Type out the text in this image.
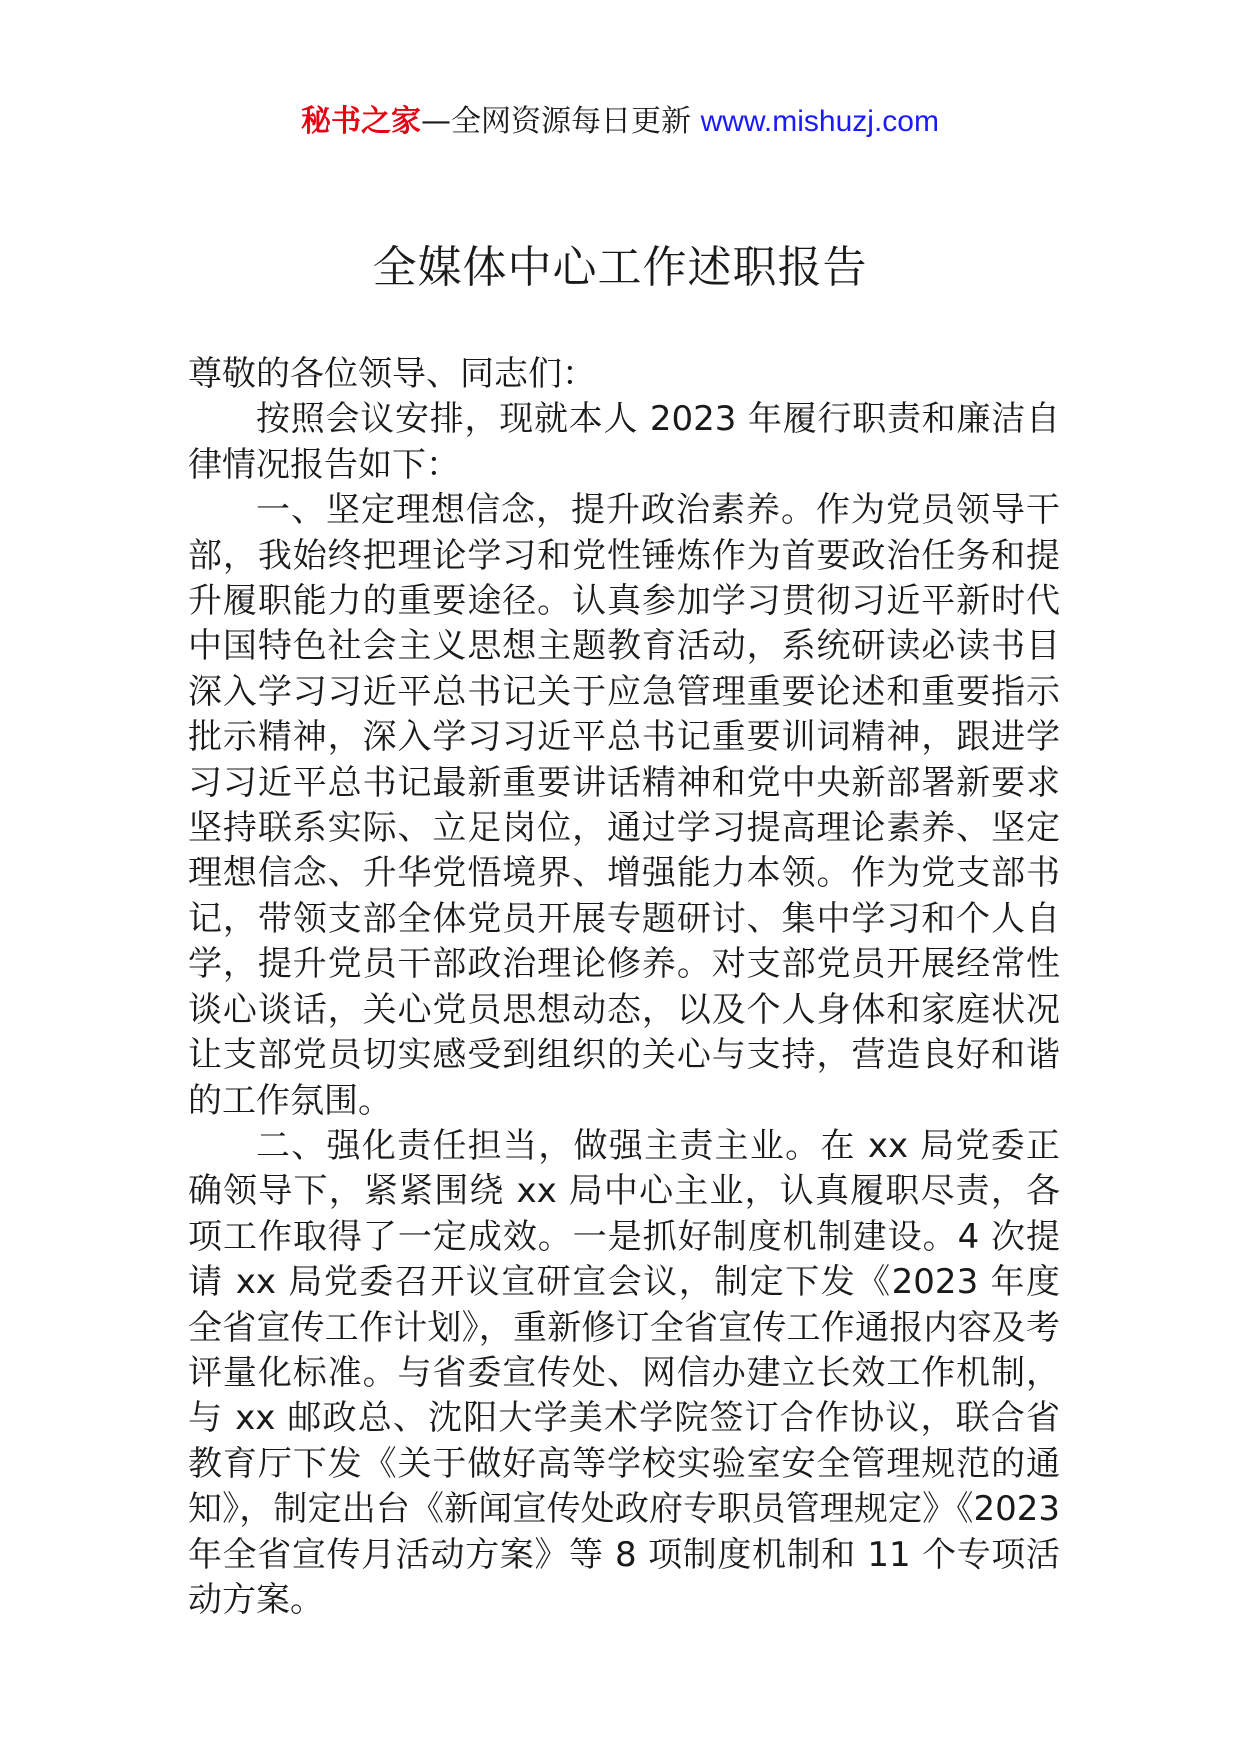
秘书之家—全网资源每日更新 www.mishuzj.com
全媒体中心工作述职报告

尊敬的各位领导、同志们：

按照会议安排，现就本人 2023 年履行职责和廉洁自律情况报告如下：

一、坚定理想信念，提升政治素养。作为党员领导干部，我始终把理论学习和党性锤炼作为首要政治任务和提升履职能力的重要途径。认真参加学习贯彻习近平新时代中国特色社会主义思想主题教育活动，系统研读必读书目深入学习习近平总书记关于应急管理重要论述和重要指示批示精神，深入学习习近平总书记重要训词精神，跟进学习习近平总书记最新重要讲话精神和党中央新部署新要求坚持联系实际、立足岗位，通过学习提高理论素养、坚定理想信念、升华党悟境界、增强能力本领。作为党支部书记，带领支部全体党员开展专题研讨、集中学习和个人自学，提升党员干部政治理论修养。对支部党员开展经常性谈心谈话，关心党员思想动态，以及个人身体和家庭状况让支部党员切实感受到组织的关心与支持，营造良好和谐的工作氛围。

二、强化责任担当，做强主责主业。在 xx 局党委正确领导下，紧紧围绕 xx 局中心主业，认真履职尽责，各项工作取得了一定成效。一是抓好制度机制建设。4 次提请 xx 局党委召开议宣研宣会议，制定下发《2023 年度全省宣传工作计划》，重新修订全省宣传工作通报内容及考评量化标准。与省委宣传处、网信办建立长效工作机制，与 xx 邮政总、沈阳大学美术学院签订合作协议，联合省教育厅下发《关于做好高等学校实验室安全管理规范的通知》，制定出台《新闻宣传处政府专职员管理规定》《2023 年全省宣传月活动方案》等 8 项制度机制和 11 个专项活动方案。
